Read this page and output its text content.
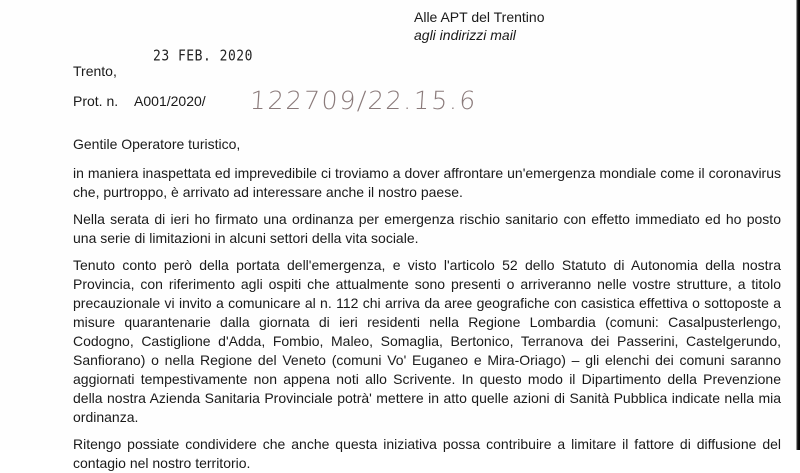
Alle APT del Trentino
agli indirizzi mail
23 FEB. 2020
Trento,
Prot. n. A001/2020/ 122709/22.15.6
Gentile Operatore turistico,

in maniera inaspettata ed imprevedibile ci troviamo a dover affrontare un'emergenza mondiale come il coronavirus che, purtroppo, è arrivato ad interessare anche il nostro paese.

Nella serata di ieri ho firmato una ordinanza per emergenza rischio sanitario con effetto immediato ed ho posto una serie di limitazioni in alcuni settori della vita sociale.

Tenuto conto però della portata dell'emergenza, e visto l'articolo 52 dello Statuto di Autonomia della nostra Provincia, con riferimento agli ospiti che attualmente sono presenti o arriveranno nelle vostre strutture, a titolo precauzionale vi invito a comunicare al n. 112 chi arriva da aree geografiche con casistica effettiva o sottoposte a misure quarantenarie dalla giornata di ieri residenti nella Regione Lombardia (comuni: Casalpusterlengo, Codogno, Castiglione d'Adda, Fombio, Maleo, Somaglia, Bertonico, Terranova dei Passerini, Castelgerundo, Sanfiorano) o nella Regione del Veneto (comuni Vo' Euganeo e Mira-Oriago) – gli elenchi dei comuni saranno aggiornati tempestivamente non appena noti allo Scrivente. In questo modo il Dipartimento della Prevenzione della nostra Azienda Sanitaria Provinciale potrà' mettere in atto quelle azioni di Sanità Pubblica indicate nella mia ordinanza.

Ritengo possiate condividere che anche questa iniziativa possa contribuire a limitare il fattore di diffusione del contagio nel nostro territorio.
